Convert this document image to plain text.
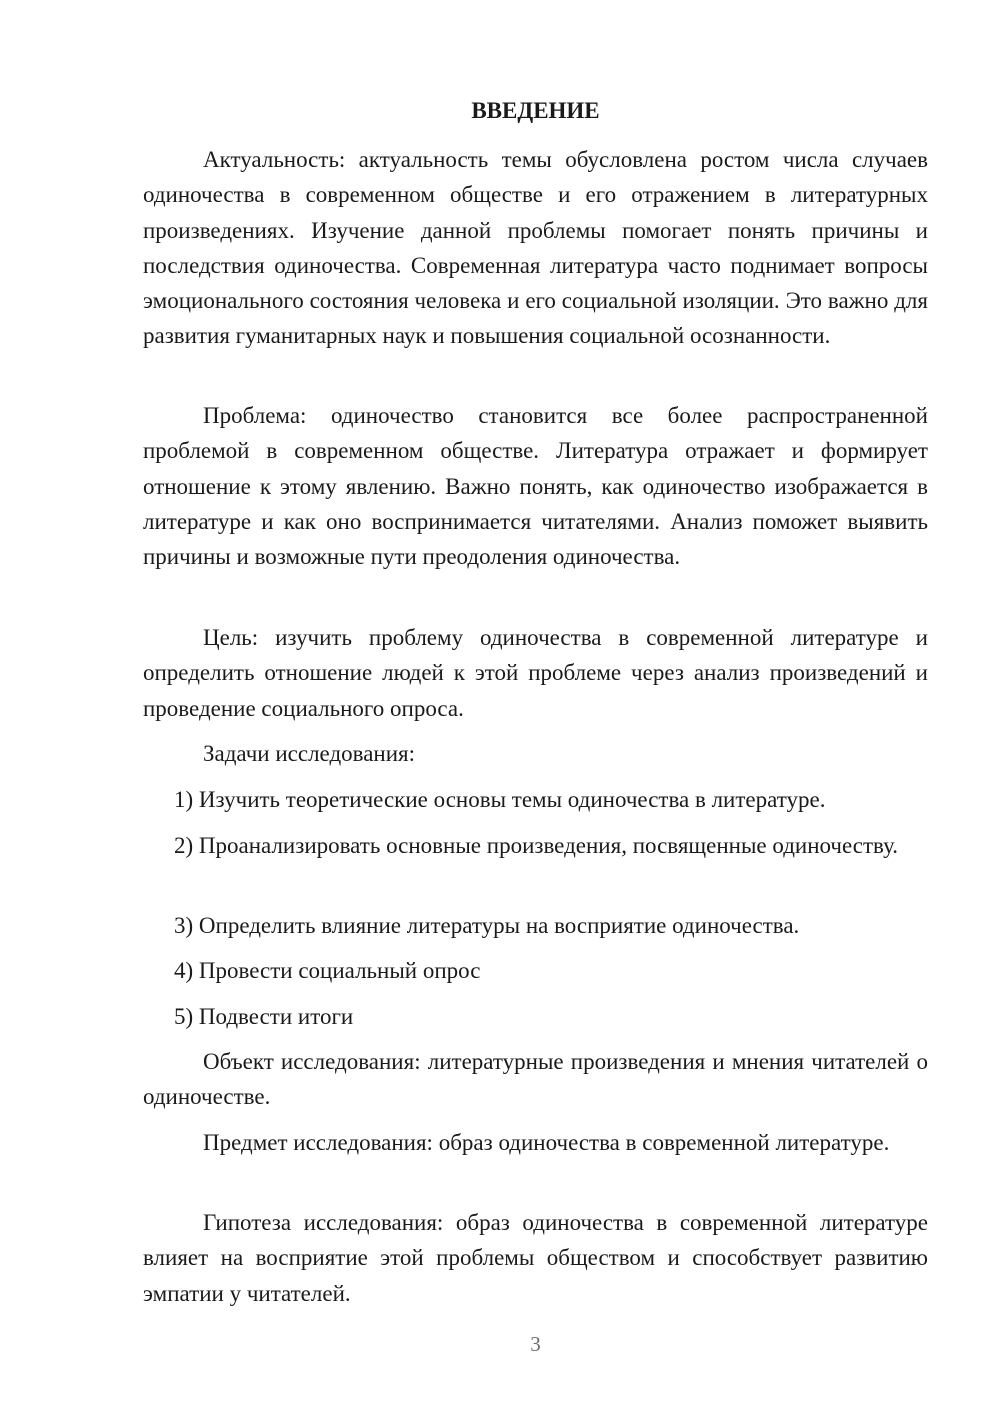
ВВЕДЕНИЕ

Актуальность: актуальность темы обусловлена ростом числа случаев одиночества в современном обществе и его отражением в литературных произведениях. Изучение данной проблемы помогает понять причины и последствия одиночества. Современная литература часто поднимает вопросы эмоционального состояния человека и его социальной изоляции. Это важно для развития гуманитарных наук и повышения социальной осознанности.

Проблема: одиночество становится все более распространенной проблемой в современном обществе. Литература отражает и формирует отношение к этому явлению. Важно понять, как одиночество изображается в литературе и как оно воспринимается читателями. Анализ поможет выявить причины и возможные пути преодоления одиночества.

Цель: изучить проблему одиночества в современной литературе и определить отношение людей к этой проблеме через анализ произведений и проведение социального опроса.

Задачи исследования:

1) Изучить теоретические основы темы одиночества в литературе.

2) Проанализировать основные произведения, посвященные одиночеству.

3) Определить влияние литературы на восприятие одиночества.

4) Провести социальный опрос

5) Подвести итоги

Объект исследования: литературные произведения и мнения читателей о одиночестве.

Предмет исследования: образ одиночества в современной литературе.

Гипотеза исследования: образ одиночества в современной литературе влияет на восприятие этой проблемы обществом и способствует развитию эмпатии у читателей.

3
